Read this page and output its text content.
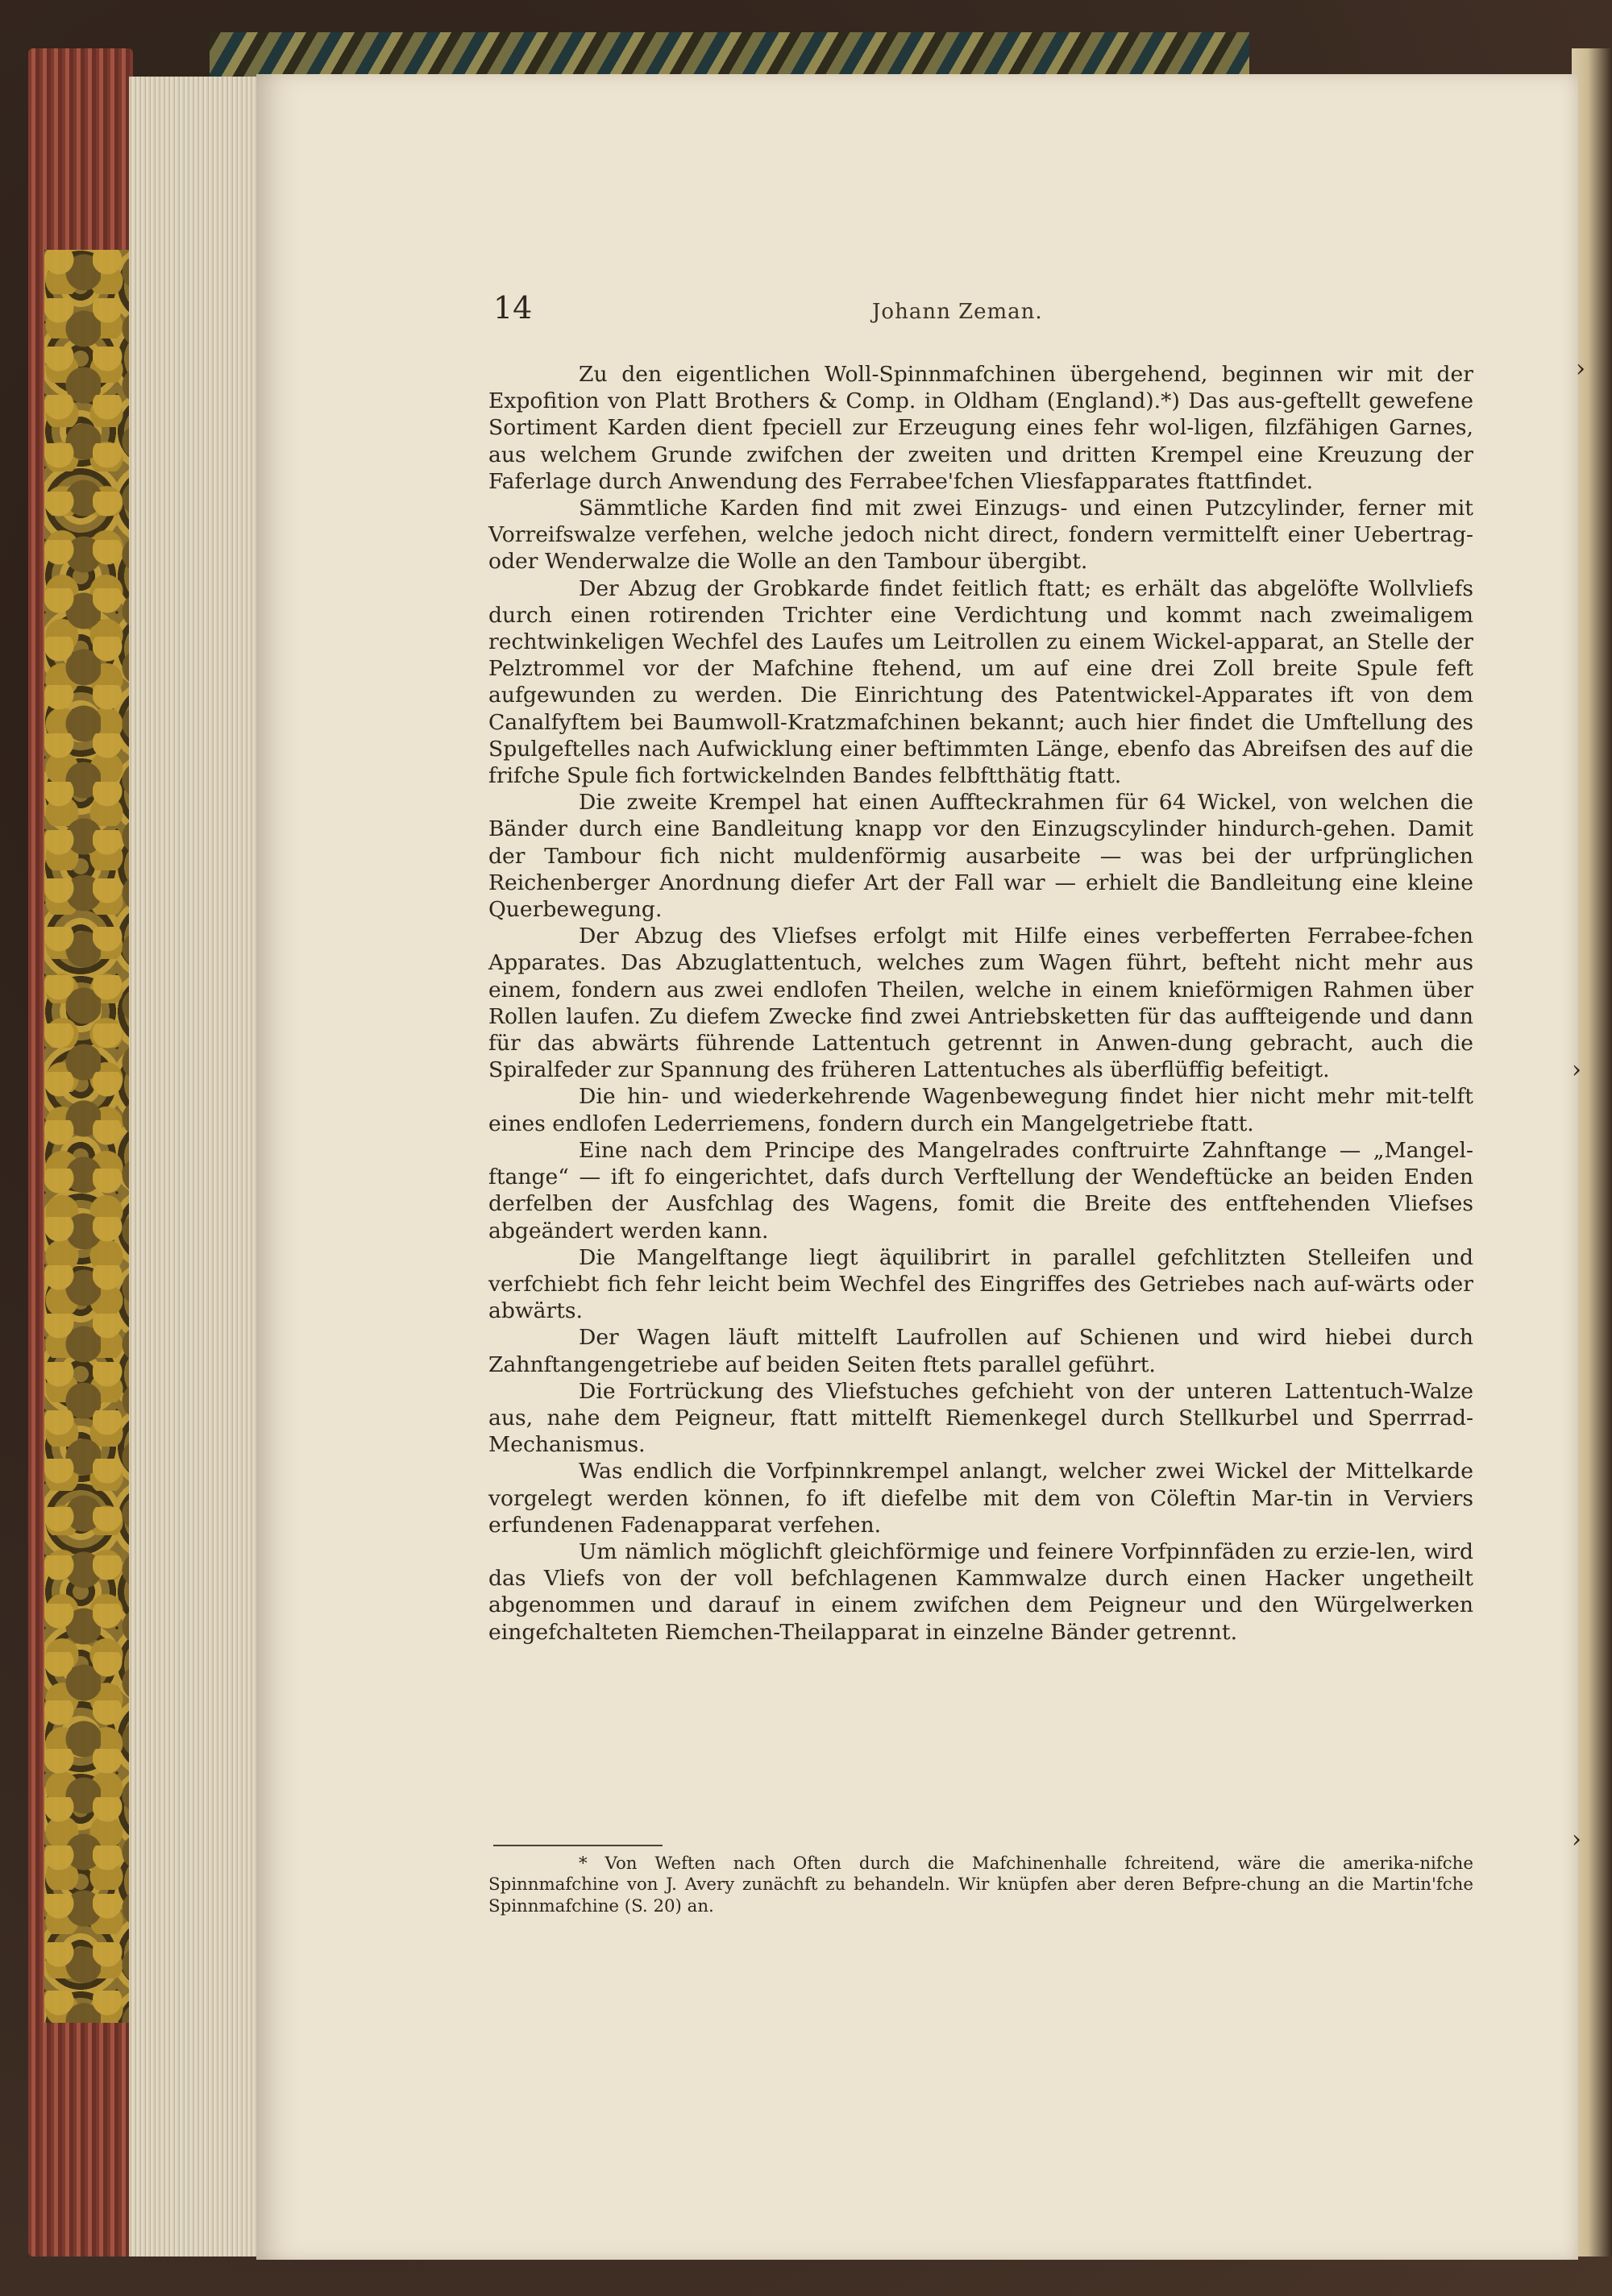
14	Johann Zeman.

Zu den eigentlichen Woll-Spinnmafchinen übergehend, beginnen wir mit der Expofition von Platt Brothers & Comp. in Oldham (England).*) Das aus-geftellt gewefene Sortiment Karden dient fpeciell zur Erzeugung eines fehr wol-ligen, filzfähigen Garnes, aus welchem Grunde zwifchen der zweiten und dritten Krempel eine Kreuzung der Faferlage durch Anwendung des Ferrabee'fchen Vliesfapparates ftattfindet.

Sämmtliche Karden find mit zwei Einzugs- und einen Putzcylinder, ferner mit Vorreifswalze verfehen, welche jedoch nicht direct, fondern vermittelft einer Uebertrag- oder Wenderwalze die Wolle an den Tambour übergibt.

Der Abzug der Grobkarde findet feitlich ftatt; es erhält das abgelöfte Wollvliefs durch einen rotirenden Trichter eine Verdichtung und kommt nach zweimaligem rechtwinkeligen Wechfel des Laufes um Leitrollen zu einem Wickel-apparat, an Stelle der Pelztrommel vor der Mafchine ftehend, um auf eine drei Zoll breite Spule feft aufgewunden zu werden. Die Einrichtung des Patentwickel-Apparates ift von dem Canalfyftem bei Baumwoll-Kratzmafchinen bekannt; auch hier findet die Umftellung des Spulgeftelles nach Aufwicklung einer beftimmten Länge, ebenfo das Abreifsen des auf die frifche Spule fich fortwickelnden Bandes felbftthätig ftatt.

Die zweite Krempel hat einen Auffteckrahmen für 64 Wickel, von welchen die Bänder durch eine Bandleitung knapp vor den Einzugscylinder hindurch-gehen. Damit der Tambour fich nicht muldenförmig ausarbeite — was bei der urfprünglichen Reichenberger Anordnung diefer Art der Fall war — erhielt die Bandleitung eine kleine Querbewegung.

Der Abzug des Vliefses erfolgt mit Hilfe eines verbefferten Ferrabee-fchen Apparates. Das Abzuglattentuch, welches zum Wagen führt, befteht nicht mehr aus einem, fondern aus zwei endlofen Theilen, welche in einem knieförmigen Rahmen über Rollen laufen. Zu diefem Zwecke find zwei Antriebsketten für das auffteigende und dann für das abwärts führende Lattentuch getrennt in Anwen-dung gebracht, auch die Spiralfeder zur Spannung des früheren Lattentuches als überflüffig befeitigt.

Die hin- und wiederkehrende Wagenbewegung findet hier nicht mehr mit-telft eines endlofen Lederriemens, fondern durch ein Mangelgetriebe ftatt.

Eine nach dem Principe des Mangelrades conftruirte Zahnftange — „Mangel-ftange“ — ift fo eingerichtet, dafs durch Verftellung der Wendeftücke an beiden Enden derfelben der Ausfchlag des Wagens, fomit die Breite des entftehenden Vliefses abgeändert werden kann.

Die Mangelftange liegt äquilibrirt in parallel gefchlitzten Stelleifen und verfchiebt fich fehr leicht beim Wechfel des Eingriffes des Getriebes nach auf-wärts oder abwärts.

Der Wagen läuft mittelft Laufrollen auf Schienen und wird hiebei durch Zahnftangengetriebe auf beiden Seiten ftets parallel geführt.

Die Fortrückung des Vliefstuches gefchieht von der unteren Lattentuch-Walze aus, nahe dem Peigneur, ftatt mittelft Riemenkegel durch Stellkurbel und Sperrrad-Mechanismus.

Was endlich die Vorfpinnkrempel anlangt, welcher zwei Wickel der Mittelkarde vorgelegt werden können, fo ift diefelbe mit dem von Cöleftin Mar-tin in Verviers erfundenen Fadenapparat verfehen.

Um nämlich möglichft gleichförmige und feinere Vorfpinnfäden zu erzie-len, wird das Vliefs von der voll befchlagenen Kammwalze durch einen Hacker ungetheilt abgenommen und darauf in einem zwifchen dem Peigneur und den Würgelwerken eingefchalteten Riemchen-Theilapparat in einzelne Bänder getrennt.

* Von Weften nach Often durch die Mafchinenhalle fchreitend, wäre die amerika-nifche Spinnmafchine von J. Avery zunächft zu behandeln. Wir knüpfen aber deren Befpre-chung an die Martin'fche Spinnmafchine (S. 20) an.

›
›
›
